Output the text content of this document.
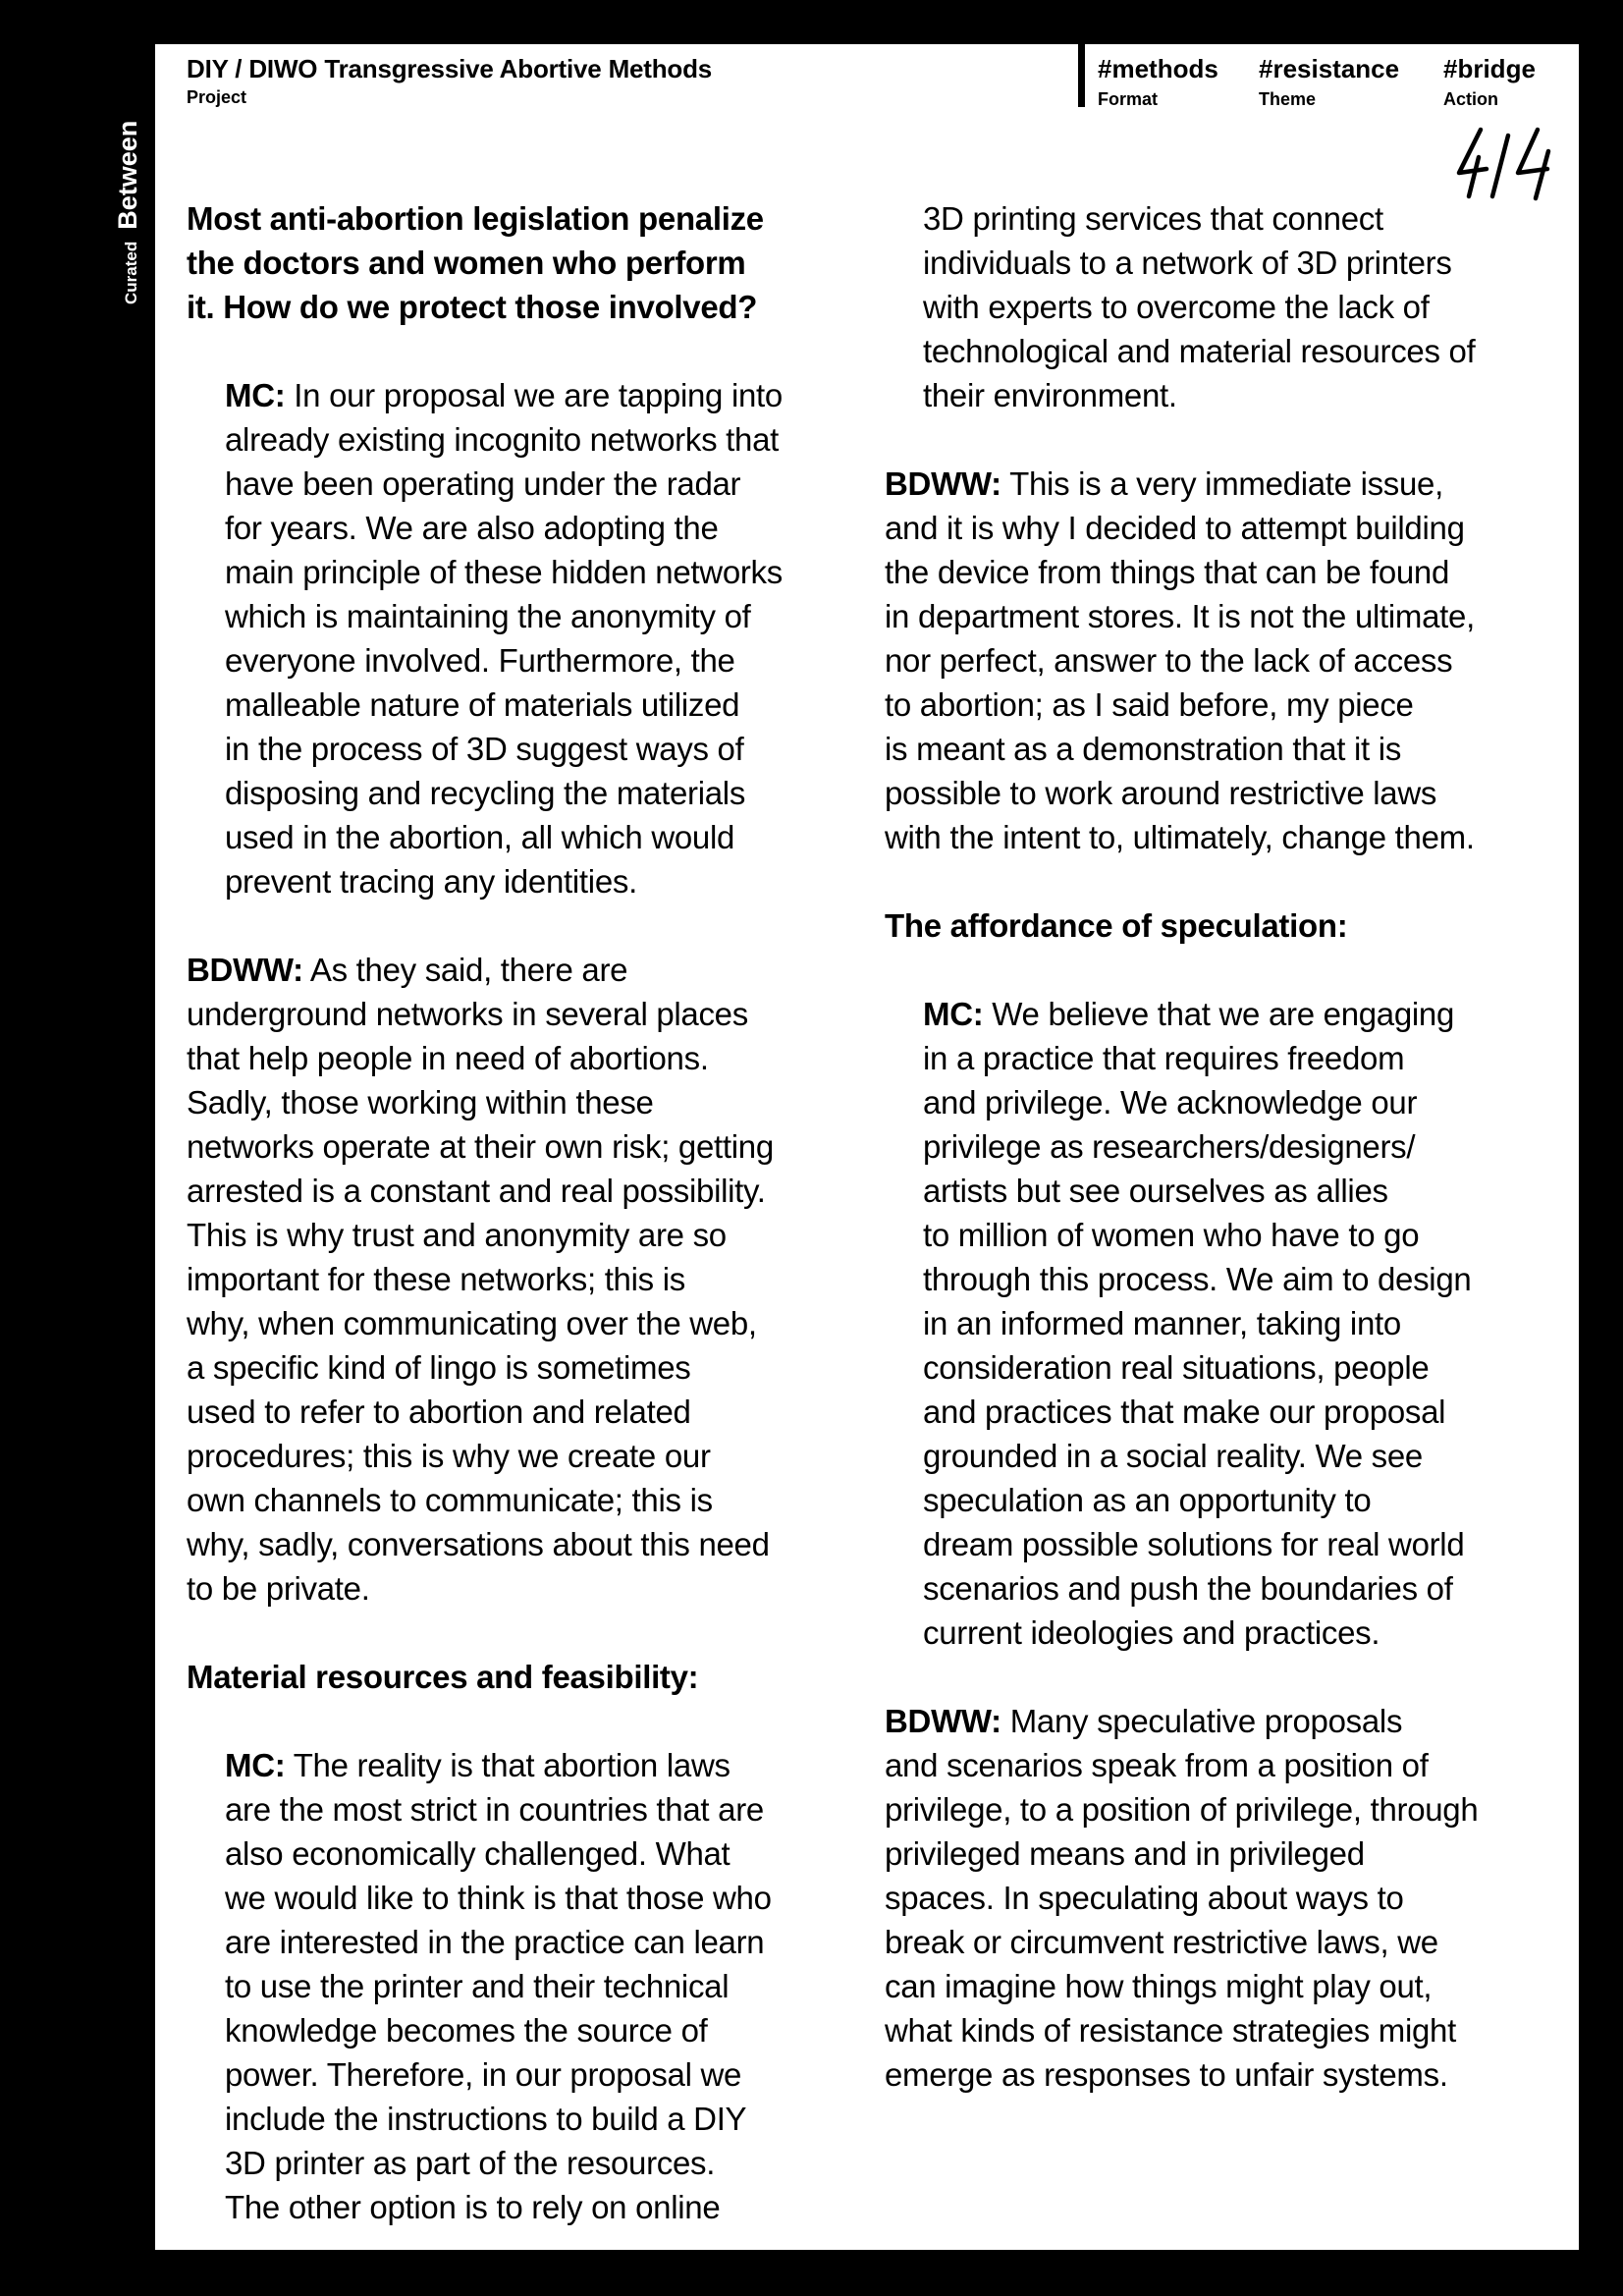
Curated
Between
DIY / DIWO Transgressive Abortive Methods
Project
#methods
Format
#resistance
Theme
#bridge
Action

Most anti-abortion legislation penalize
the doctors and women who perform
it. How do we protect those involved?

MC: In our proposal we are tapping into
already existing incognito networks that
have been operating under the radar
for years. We are also adopting the
main principle of these hidden networks
which is maintaining the anonymity of
everyone involved. Furthermore, the
malleable nature of materials utilized
in the process of 3D suggest ways of
disposing and recycling the materials
used in the abortion, all which would
prevent tracing any identities.

BDWW: As they said, there are
underground networks in several places
that help people in need of abortions.
Sadly, those working within these
networks operate at their own risk; getting
arrested is a constant and real possibility.
This is why trust and anonymity are so
important for these networks; this is
why, when communicating over the web,
a specific kind of lingo is sometimes
used to refer to abortion and related
procedures; this is why we create our
own channels to communicate; this is
why, sadly, conversations about this need
to be private.

Material resources and feasibility:

MC: The reality is that abortion laws
are the most strict in countries that are
also economically challenged. What
we would like to think is that those who
are interested in the practice can learn
to use the printer and their technical
knowledge becomes the source of
power. Therefore, in our proposal we
include the instructions to build a DIY
3D printer as part of the resources.
The other option is to rely on online

3D printing services that connect
individuals to a network of 3D printers
with experts to overcome the lack of
technological and material resources of
their environment.

BDWW: This is a very immediate issue,
and it is why I decided to attempt building
the device from things that can be found
in department stores. It is not the ultimate,
nor perfect, answer to the lack of access
to abortion; as I said before, my piece
is meant as a demonstration that it is
possible to work around restrictive laws
with the intent to, ultimately, change them.

The affordance of speculation:

MC: We believe that we are engaging
in a practice that requires freedom
and privilege. We acknowledge our
privilege as researchers/designers/
artists but see ourselves as allies
to million of women who have to go
through this process. We aim to design
in an informed manner, taking into
consideration real situations, people
and practices that make our proposal
grounded in a social reality. We see
speculation as an opportunity to
dream possible solutions for real world
scenarios and push the boundaries of
current ideologies and practices.

BDWW: Many speculative proposals
and scenarios speak from a position of
privilege, to a position of privilege, through
privileged means and in privileged
spaces. In speculating about ways to
break or circumvent restrictive laws, we
can imagine how things might play out,
what kinds of resistance strategies might
emerge as responses to unfair systems.
